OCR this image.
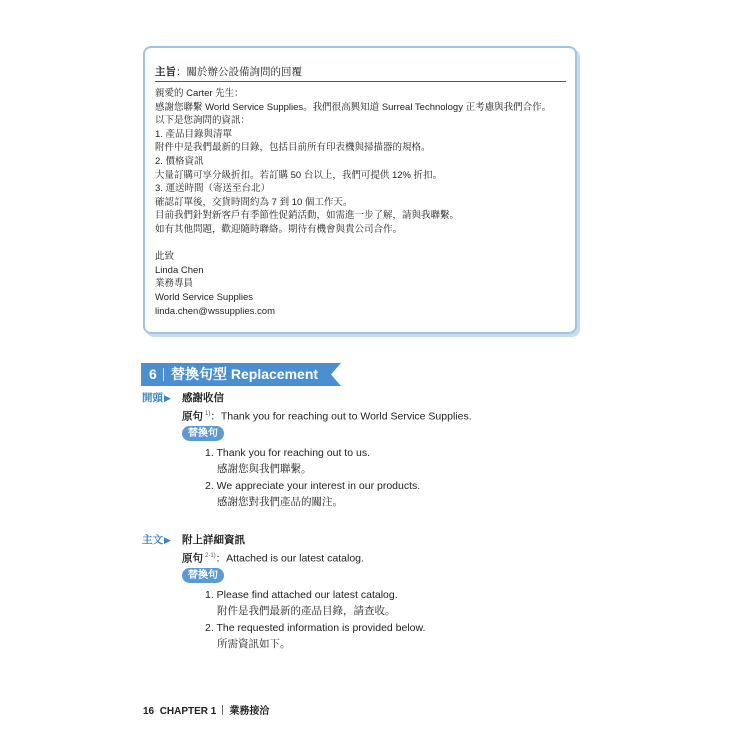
主旨：關於辦公設備詢問的回覆
親愛的 Carter 先生：
感謝您聯繫 World Service Supplies。我們很高興知道 Surreal Technology 正考慮與我們合作。
以下是您詢問的資訊：
1. 產品目錄與清單
附件中是我們最新的目錄，包括目前所有印表機與掃描器的規格。
2. 價格資訊
大量訂購可享分級折扣。若訂購 50 台以上，我們可提供 12% 折扣。
3. 運送時間（寄送至台北）
確認訂單後，交貨時間約為 7 到 10 個工作天。
目前我們針對新客戶有季節性促銷活動，如需進一步了解，請與我聯繫。
如有其他問題，歡迎隨時聯絡。期待有機會與貴公司合作。
此致
Linda Chen
業務專員
World Service Supplies
linda.chen@wssupplies.com
6 替換句型 Replacement
開頭▶ 感謝收信
原句 $^{1)}$：Thank you for reaching out to World Service Supplies.
替換句
1. Thank you for reaching out to us.
感謝您與我們聯繫。
2. We appreciate your interest in our products.
感謝您對我們產品的關注。
主文▶ 附上詳細資訊
原句 $^{2-1)}$：Attached is our latest catalog.
替換句
1. Please find attached our latest catalog.
附件是我們最新的產品目錄，請查收。
2. The requested information is provided below.
所需資訊如下。
16 CHAPTER 1 業務接洽
